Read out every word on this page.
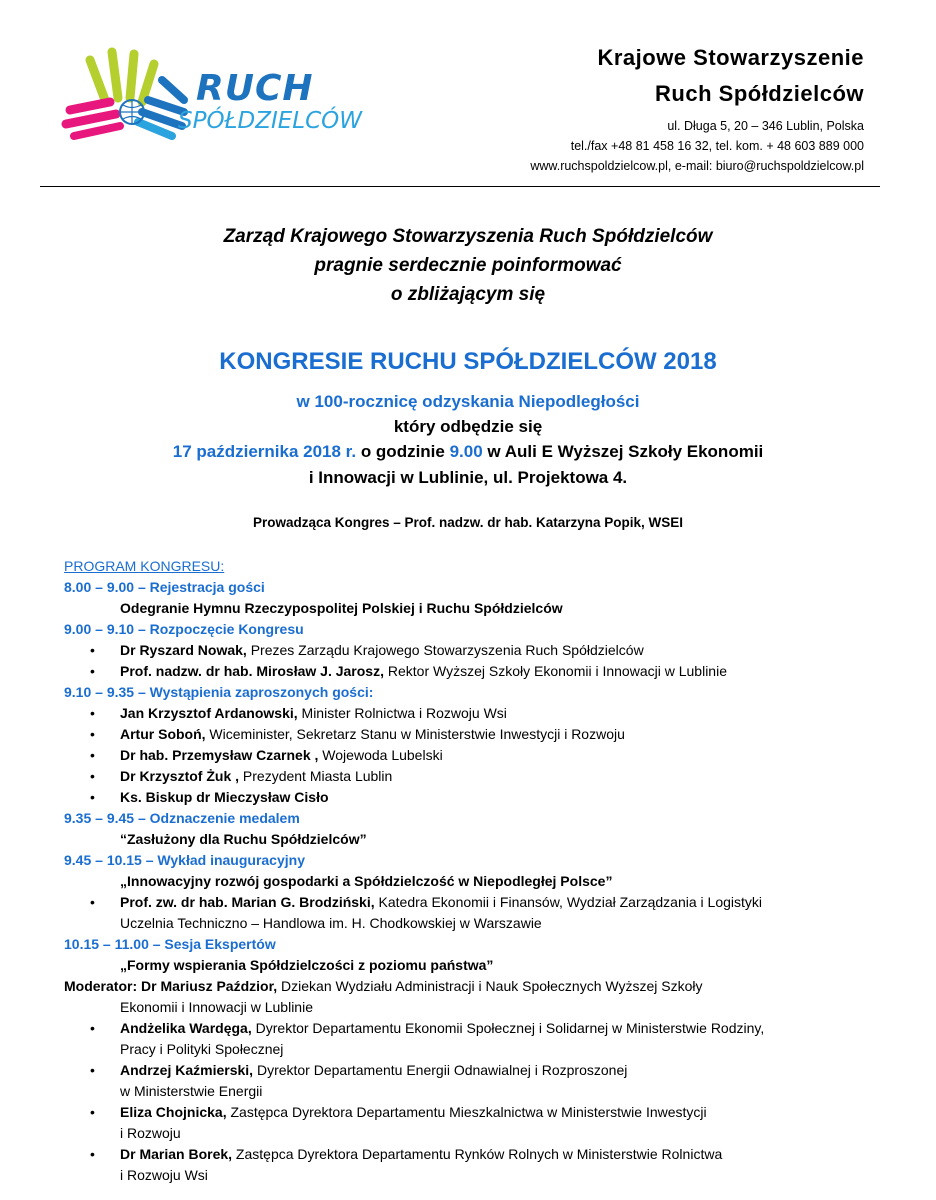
RUCH
SPÓŁDZIELCÓW
Krajowe Stowarzyszenie
Ruch Spółdzielców
ul. Długa 5, 20 – 346 Lublin, Polska
tel./fax +48 81 458 16 32, tel. kom. + 48 603 889 000
www.ruchspoldzielcow.pl, e-mail: biuro@ruchspoldzielcow.pl
Zarząd Krajowego Stowarzyszenia Ruch Spółdzielców
pragnie serdecznie poinformować
o zbliżającym się
KONGRESIE RUCHU SPÓŁDZIELCÓW 2018
w 100-rocznicę odzyskania Niepodległości
który odbędzie się
17 października 2018 r. o godzinie 9.00 w Auli E Wyższej Szkoły Ekonomii
i Innowacji w Lublinie, ul. Projektowa 4.
Prowadząca Kongres – Prof. nadzw. dr hab. Katarzyna Popik, WSEI
PROGRAM KONGRESU:
8.00 – 9.00 – Rejestracja gości
Odegranie Hymnu Rzeczypospolitej Polskiej i Ruchu Spółdzielców
9.00 – 9.10 – Rozpoczęcie Kongresu
• Dr Ryszard Nowak, Prezes Zarządu Krajowego Stowarzyszenia Ruch Spółdzielców
• Prof. nadzw. dr hab. Mirosław J. Jarosz, Rektor Wyższej Szkoły Ekonomii i Innowacji w Lublinie
9.10 – 9.35 – Wystąpienia zaproszonych gości:
• Jan Krzysztof Ardanowski, Minister Rolnictwa i Rozwoju Wsi
• Artur Soboń, Wiceminister, Sekretarz Stanu w Ministerstwie Inwestycji i Rozwoju
• Dr hab. Przemysław Czarnek , Wojewoda Lubelski
• Dr Krzysztof Żuk , Prezydent Miasta Lublin
• Ks. Biskup dr Mieczysław Cisło
9.35 – 9.45 – Odznaczenie medalem
“Zasłużony dla Ruchu Spółdzielców”
9.45 – 10.15 – Wykład inauguracyjny
„Innowacyjny rozwój gospodarki a Spółdzielczość w Niepodległej Polsce”
• Prof. zw. dr hab. Marian G. Brodziński, Katedra Ekonomii i Finansów, Wydział Zarządzania i Logistyki
Uczelnia Techniczno – Handlowa im. H. Chodkowskiej w Warszawie
10.15 – 11.00 – Sesja Ekspertów
„Formy wspierania Spółdzielczości z poziomu państwa”
Moderator: Dr Mariusz Paździor, Dziekan Wydziału Administracji i Nauk Społecznych Wyższej Szkoły
Ekonomii i Innowacji w Lublinie
• Andżelika Wardęga, Dyrektor Departamentu Ekonomii Społecznej i Solidarnej w Ministerstwie Rodziny,
Pracy i Polityki Społecznej
• Andrzej Kaźmierski, Dyrektor Departamentu Energii Odnawialnej i Rozproszonej
w Ministerstwie Energii
• Eliza Chojnicka, Zastępca Dyrektora Departamentu Mieszkalnictwa w Ministerstwie Inwestycji
i Rozwoju
• Dr Marian Borek, Zastępca Dyrektora Departamentu Rynków Rolnych w Ministerstwie Rolnictwa
i Rozwoju Wsi
